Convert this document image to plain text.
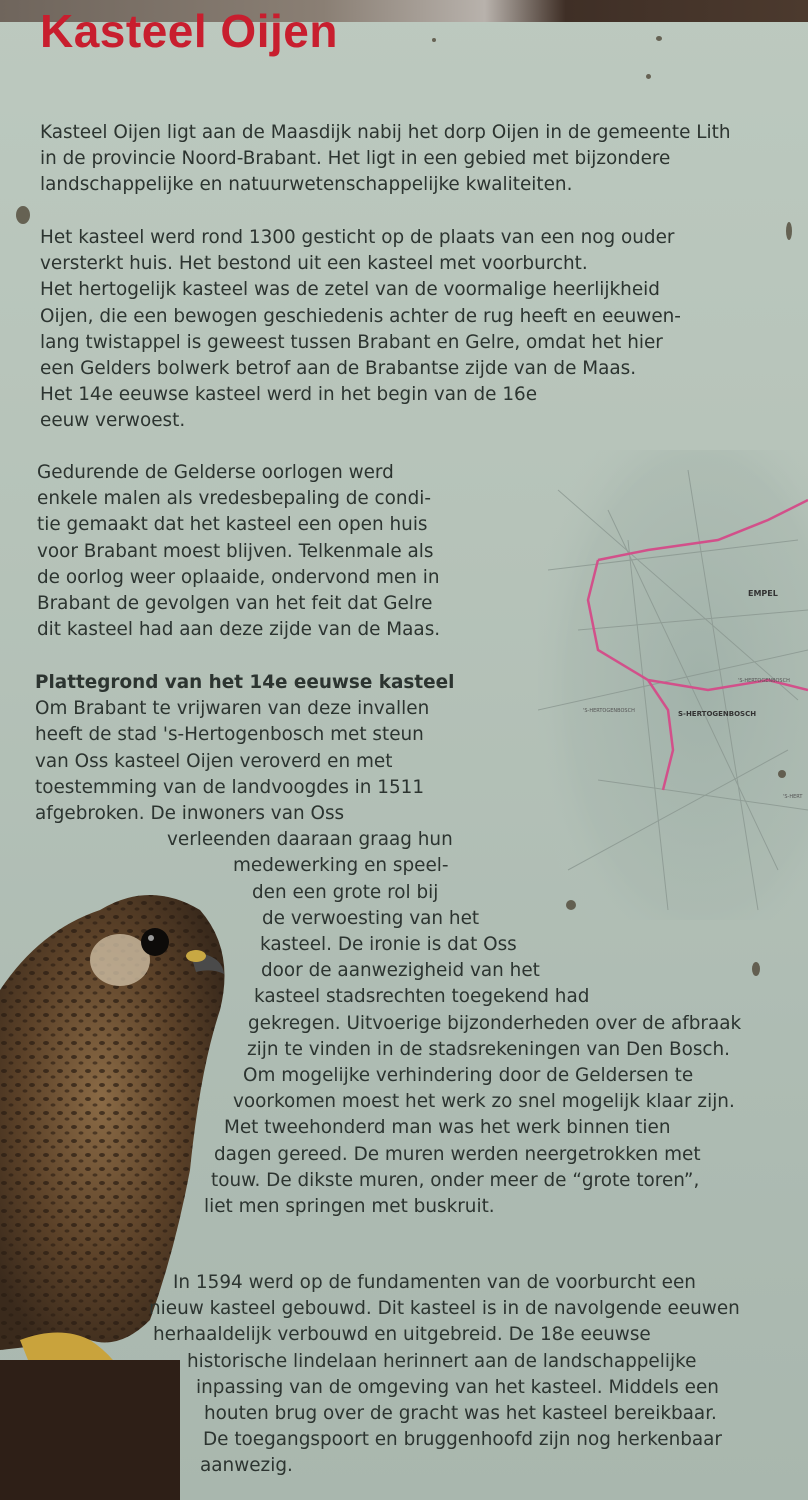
EMPEL
'S-HERTOGENBOSCH	S-HERTOGENBOSCH
'S-HERTOGENBOSCH
'S-HERT
Kasteel Oijen

Kasteel Oijen ligt aan de Maasdijk nabij het dorp Oijen in de gemeente Lith
in de provincie Noord-Brabant. Het ligt in een gebied met bijzondere
landschappelijke en natuurwetenschappelijke kwaliteiten.

Het kasteel werd rond 1300 gesticht op de plaats van een nog ouder
versterkt huis. Het bestond uit een kasteel met voorburcht.
Het hertogelijk kasteel was de zetel van de voormalige heerlijkheid
Oijen, die een bewogen geschiedenis achter de rug heeft en eeuwen-
lang twistappel is geweest tussen Brabant en Gelre, omdat het hier
een Gelders bolwerk betrof aan de Brabantse zijde van de Maas.
Het 14e eeuwse kasteel werd in het begin van de 16e
eeuw verwoest.

Gedurende de Gelderse oorlogen werd
enkele malen als vredesbepaling de condi-
tie gemaakt dat het kasteel een open huis
voor Brabant moest blijven. Telkenmale als
de oorlog weer oplaaide, ondervond men in
Brabant de gevolgen van het feit dat Gelre
dit kasteel had aan deze zijde van de Maas.

Plattegrond van het 14e eeuwse kasteel
Om Brabant te vrijwaren van deze invallen
heeft de stad 's-Hertogenbosch met steun
van Oss kasteel Oijen veroverd en met
toestemming van de landvoogdes in 1511
afgebroken. De inwoners van Oss
verleenden daaraan graag hun
medewerking en speel-
den een grote rol bij
de verwoesting van het
kasteel. De ironie is dat Oss
door de aanwezigheid van het
kasteel stadsrechten toegekend had
gekregen. Uitvoerige bijzonderheden over de afbraak
zijn te vinden in de stadsrekeningen van Den Bosch.
Om mogelijke verhindering door de Geldersen te
voorkomen moest het werk zo snel mogelijk klaar zijn.
Met tweehonderd man was het werk binnen tien
dagen gereed. De muren werden neergetrokken met
touw. De dikste muren, onder meer de “grote toren”,
liet men springen met buskruit.

In 1594 werd op de fundamenten van de voorburcht een
nieuw kasteel gebouwd. Dit kasteel is in de navolgende eeuwen
herhaaldelijk verbouwd en uitgebreid. De 18e eeuwse
historische lindelaan herinnert aan de landschappelijke
inpassing van de omgeving van het kasteel. Middels een
houten brug over de gracht was het kasteel bereikbaar.
De toegangspoort en bruggenhoofd zijn nog herkenbaar
aanwezig.
